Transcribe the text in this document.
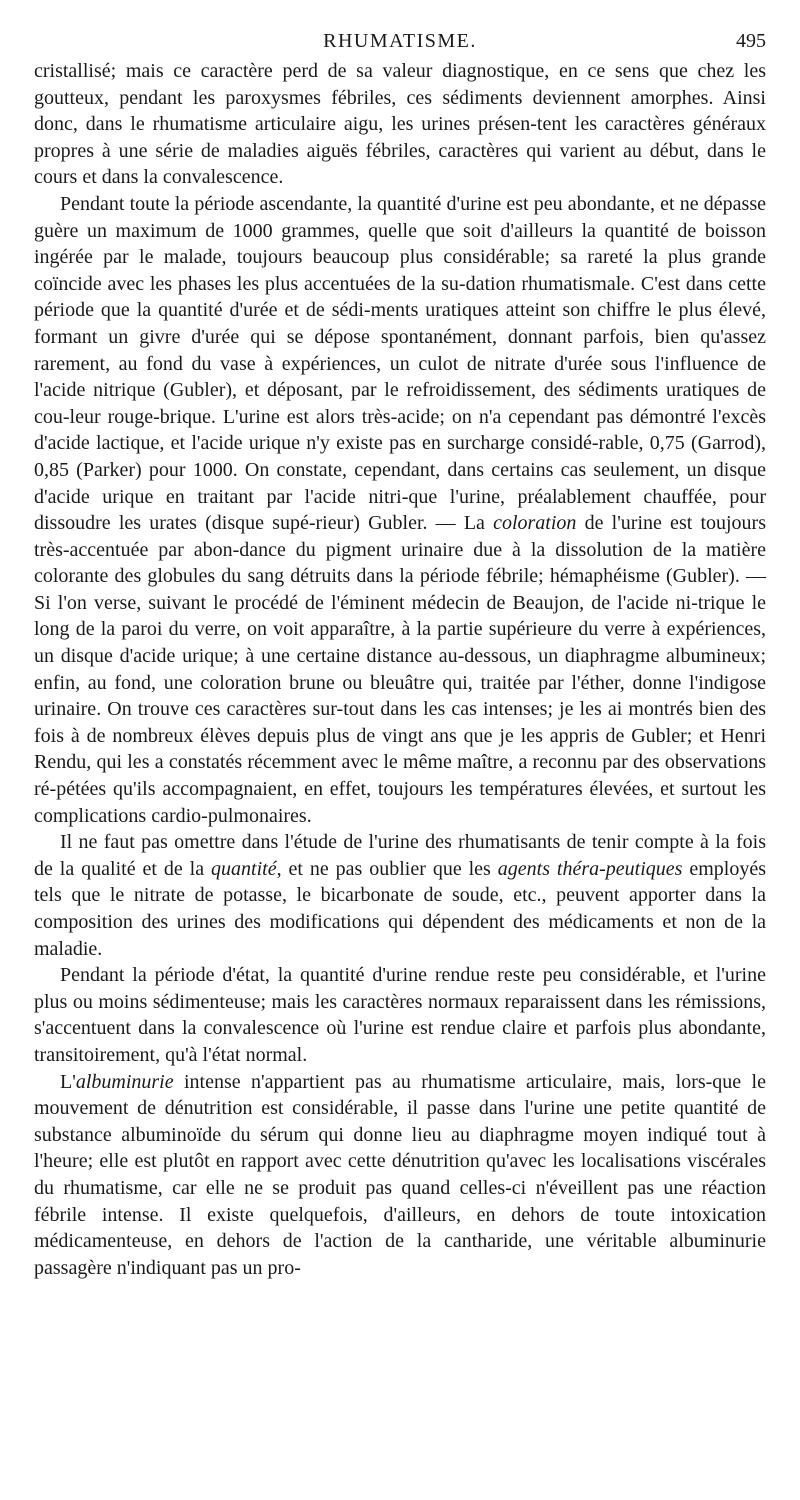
RHUMATISME.	495

cristallisé; mais ce caractère perd de sa valeur diagnostique, en ce sens que chez les goutteux, pendant les paroxysmes fébriles, ces sédiments deviennent amorphes. Ainsi donc, dans le rhumatisme articulaire aigu, les urines présen-tent les caractères généraux propres à une série de maladies aiguës fébriles, caractères qui varient au début, dans le cours et dans la convalescence.

Pendant toute la période ascendante, la quantité d'urine est peu abondante, et ne dépasse guère un maximum de 1000 grammes, quelle que soit d'ailleurs la quantité de boisson ingérée par le malade, toujours beaucoup plus considérable; sa rareté la plus grande coïncide avec les phases les plus accentuées de la su-dation rhumatismale. C'est dans cette période que la quantité d'urée et de sédi-ments uratiques atteint son chiffre le plus élevé, formant un givre d'urée qui se dépose spontanément, donnant parfois, bien qu'assez rarement, au fond du vase à expériences, un culot de nitrate d'urée sous l'influence de l'acide nitrique (Gubler), et déposant, par le refroidissement, des sédiments uratiques de cou-leur rouge-brique. L'urine est alors très-acide; on n'a cependant pas démontré l'excès d'acide lactique, et l'acide urique n'y existe pas en surcharge considé-rable, 0,75 (Garrod), 0,85 (Parker) pour 1000. On constate, cependant, dans certains cas seulement, un disque d'acide urique en traitant par l'acide nitri-que l'urine, préalablement chauffée, pour dissoudre les urates (disque supé-rieur) Gubler. — La coloration de l'urine est toujours très-accentuée par abon-dance du pigment urinaire due à la dissolution de la matière colorante des globules du sang détruits dans la période fébrile; hémaphéisme (Gubler). — Si l'on verse, suivant le procédé de l'éminent médecin de Beaujon, de l'acide ni-trique le long de la paroi du verre, on voit apparaître, à la partie supérieure du verre à expériences, un disque d'acide urique; à une certaine distance au-dessous, un diaphragme albumineux; enfin, au fond, une coloration brune ou bleuâtre qui, traitée par l'éther, donne l'indigose urinaire. On trouve ces caractères sur-tout dans les cas intenses; je les ai montrés bien des fois à de nombreux élèves depuis plus de vingt ans que je les appris de Gubler; et Henri Rendu, qui les a constatés récemment avec le même maître, a reconnu par des observations ré-pétées qu'ils accompagnaient, en effet, toujours les températures élevées, et surtout les complications cardio-pulmonaires.

Il ne faut pas omettre dans l'étude de l'urine des rhumatisants de tenir compte à la fois de la qualité et de la quantité, et ne pas oublier que les agents théra-peutiques employés tels que le nitrate de potasse, le bicarbonate de soude, etc., peuvent apporter dans la composition des urines des modifications qui dépendent des médicaments et non de la maladie.

Pendant la période d'état, la quantité d'urine rendue reste peu considérable, et l'urine plus ou moins sédimenteuse; mais les caractères normaux reparaissent dans les rémissions, s'accentuent dans la convalescence où l'urine est rendue claire et parfois plus abondante, transitoirement, qu'à l'état normal.

L'albuminurie intense n'appartient pas au rhumatisme articulaire, mais, lors-que le mouvement de dénutrition est considérable, il passe dans l'urine une petite quantité de substance albuminoïde du sérum qui donne lieu au diaphragme moyen indiqué tout à l'heure; elle est plutôt en rapport avec cette dénutrition qu'avec les localisations viscérales du rhumatisme, car elle ne se produit pas quand celles-ci n'éveillent pas une réaction fébrile intense. Il existe quelquefois, d'ailleurs, en dehors de toute intoxication médicamenteuse, en dehors de l'action de la cantharide, une véritable albuminurie passagère n'indiquant pas un pro-
